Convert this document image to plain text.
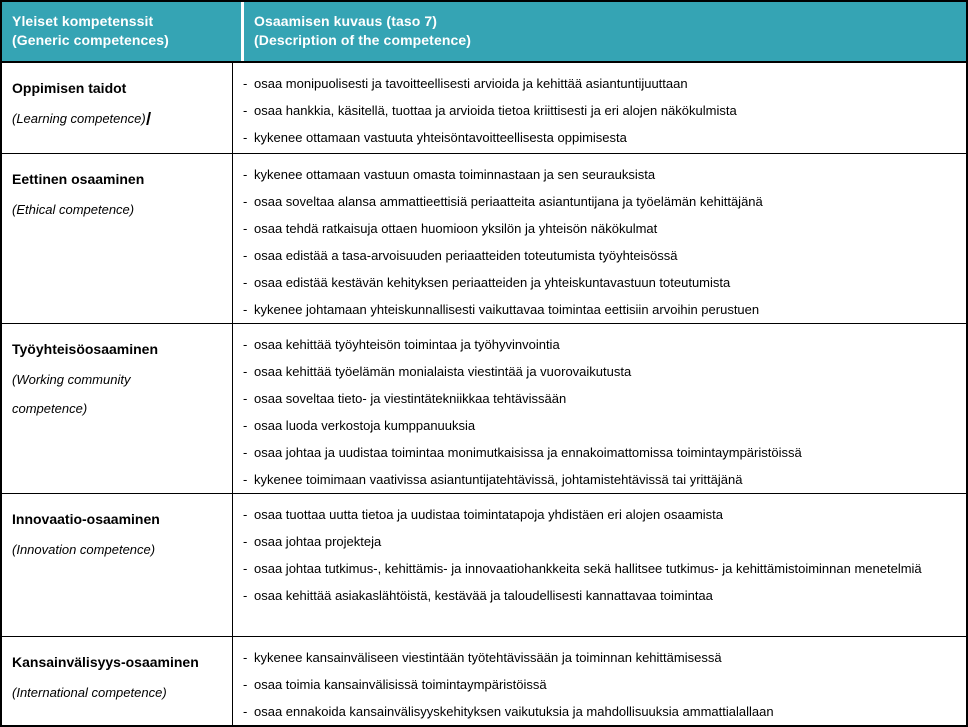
Yleiset kompetenssit
(Generic competences)
Osaamisen kuvaus (taso 7)
(Description of the competence)
Oppimisen taidot
(Learning competence)
- osaa monipuolisesti ja tavoitteellisesti arvioida ja kehittää asiantuntijuuttaan
- osaa hankkia, käsitellä, tuottaa ja arvioida tietoa kriittisesti ja eri alojen näkökulmista
- kykenee ottamaan vastuuta yhteisöntavoitteellisesta oppimisesta
Eettinen osaaminen
(Ethical competence)
- kykenee ottamaan vastuun omasta toiminnastaan ja sen seurauksista
- osaa soveltaa alansa ammattieettisiä periaatteita asiantuntijana ja työelämän kehittäjänä
- osaa tehdä ratkaisuja ottaen huomioon yksilön ja yhteisön näkökulmat
- osaa edistää a tasa-arvoisuuden periaatteiden toteutumista työyhteisössä
- osaa edistää kestävän kehityksen periaatteiden ja yhteiskuntavastuun toteutumista
- kykenee johtamaan yhteiskunnallisesti vaikuttavaa toimintaa eettisiin arvoihin perustuen
Työyhteisöosaaminen
(Working community competence)
- osaa kehittää työyhteisön toimintaa ja työhyvinvointia
- osaa kehittää työelämän monialaista viestintää ja vuorovaikutusta
- osaa soveltaa tieto- ja viestintätekniikkaa tehtävissään
- osaa luoda verkostoja kumppanuuksia
- osaa johtaa ja uudistaa toimintaa monimutkaisissa ja ennakoimattomissa toimintaympäristöissä
- kykenee toimimaan vaativissa asiantuntijatehtävissä, johtamistehtävissä tai yrittäjänä
Innovaatio-osaaminen
(Innovation competence)
- osaa tuottaa uutta tietoa ja uudistaa toimintatapoja yhdistäen eri alojen osaamista
- osaa johtaa projekteja
- osaa johtaa tutkimus-, kehittämis- ja innovaatiohankkeita sekä hallitsee tutkimus- ja kehittämistoiminnan menetelmiä
- osaa kehittää asiakaslähtöistä, kestävää ja taloudellisesti kannattavaa toimintaa
Kansainvälisyys-osaaminen
(International competence)
- kykenee kansainväliseen viestintään työtehtävissään ja toiminnan kehittämisessä
- osaa toimia kansainvälisissä toimintaympäristöissä
- osaa ennakoida kansainvälisyyskehityksen vaikutuksia ja mahdollisuuksia ammattialallaan
